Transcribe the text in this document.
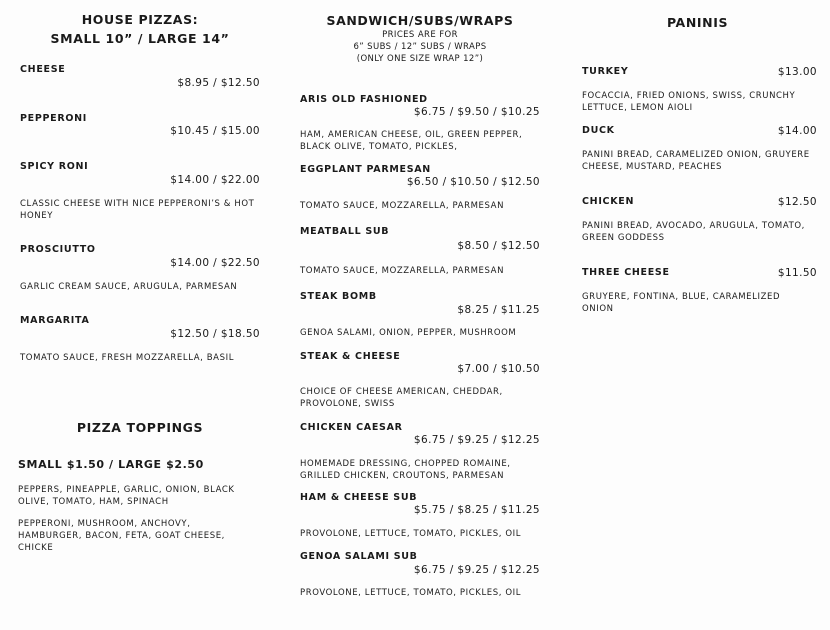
HOUSE PIZZAS:
SMALL 10” / LARGE 14”
CHEESE
$8.95 / $12.50
PEPPERONI
$10.45 / $15.00
SPICY RONI
$14.00 / $22.00
CLASSIC CHEESE WITH NICE PEPPERONI’S & HOT HONEY
PROSCIUTTO
$14.00 / $22.50
GARLIC CREAM SAUCE, ARUGULA, PARMESAN
MARGARITA
$12.50 / $18.50
TOMATO SAUCE, FRESH MOZZARELLA, BASIL
PIZZA TOPPINGS
SMALL $1.50 / LARGE $2.50
PEPPERS, PINEAPPLE, GARLIC, ONION, BLACK OLIVE, TOMATO, HAM, SPINACH
PEPPERONI, MUSHROOM, ANCHOVY, HAMBURGER, BACON, FETA, GOAT CHEESE, CHICKE
SANDWICH/SUBS/WRAPS
PRICES ARE FOR
6” SUBS / 12” SUBS / WRAPS
(ONLY ONE SIZE WRAP 12”)
ARIS OLD FASHIONED
$6.75 / $9.50 / $10.25
HAM, AMERICAN CHEESE, OIL, GREEN PEPPER, BLACK OLIVE, TOMATO, PICKLES,
EGGPLANT PARMESAN
$6.50 / $10.50 / $12.50
TOMATO SAUCE, MOZZARELLA, PARMESAN
MEATBALL SUB
$8.50 / $12.50
TOMATO SAUCE, MOZZARELLA, PARMESAN
STEAK BOMB
$8.25 / $11.25
GENOA SALAMI, ONION, PEPPER, MUSHROOM
STEAK & CHEESE
$7.00 / $10.50
CHOICE OF CHEESE AMERICAN, CHEDDAR, PROVOLONE, SWISS
CHICKEN CAESAR
$6.75 / $9.25 / $12.25
HOMEMADE DRESSING, CHOPPED ROMAINE, GRILLED CHICKEN, CROUTONS, PARMESAN
HAM & CHEESE SUB
$5.75 / $8.25 / $11.25
PROVOLONE, LETTUCE, TOMATO, PICKLES, OIL
GENOA SALAMI SUB
$6.75 / $9.25 / $12.25
PROVOLONE, LETTUCE, TOMATO, PICKLES, OIL
PANINIS
TURKEY	$13.00
FOCACCIA, FRIED ONIONS, SWISS, CRUNCHY LETTUCE, LEMON AIOLI
DUCK	$14.00
PANINI BREAD, CARAMELIZED ONION, GRUYERE CHEESE, MUSTARD, PEACHES
CHICKEN	$12.50
PANINI BREAD, AVOCADO, ARUGULA, TOMATO, GREEN GODDESS
THREE CHEESE	$11.50
GRUYERE, FONTINA, BLUE, CARAMELIZED ONION
